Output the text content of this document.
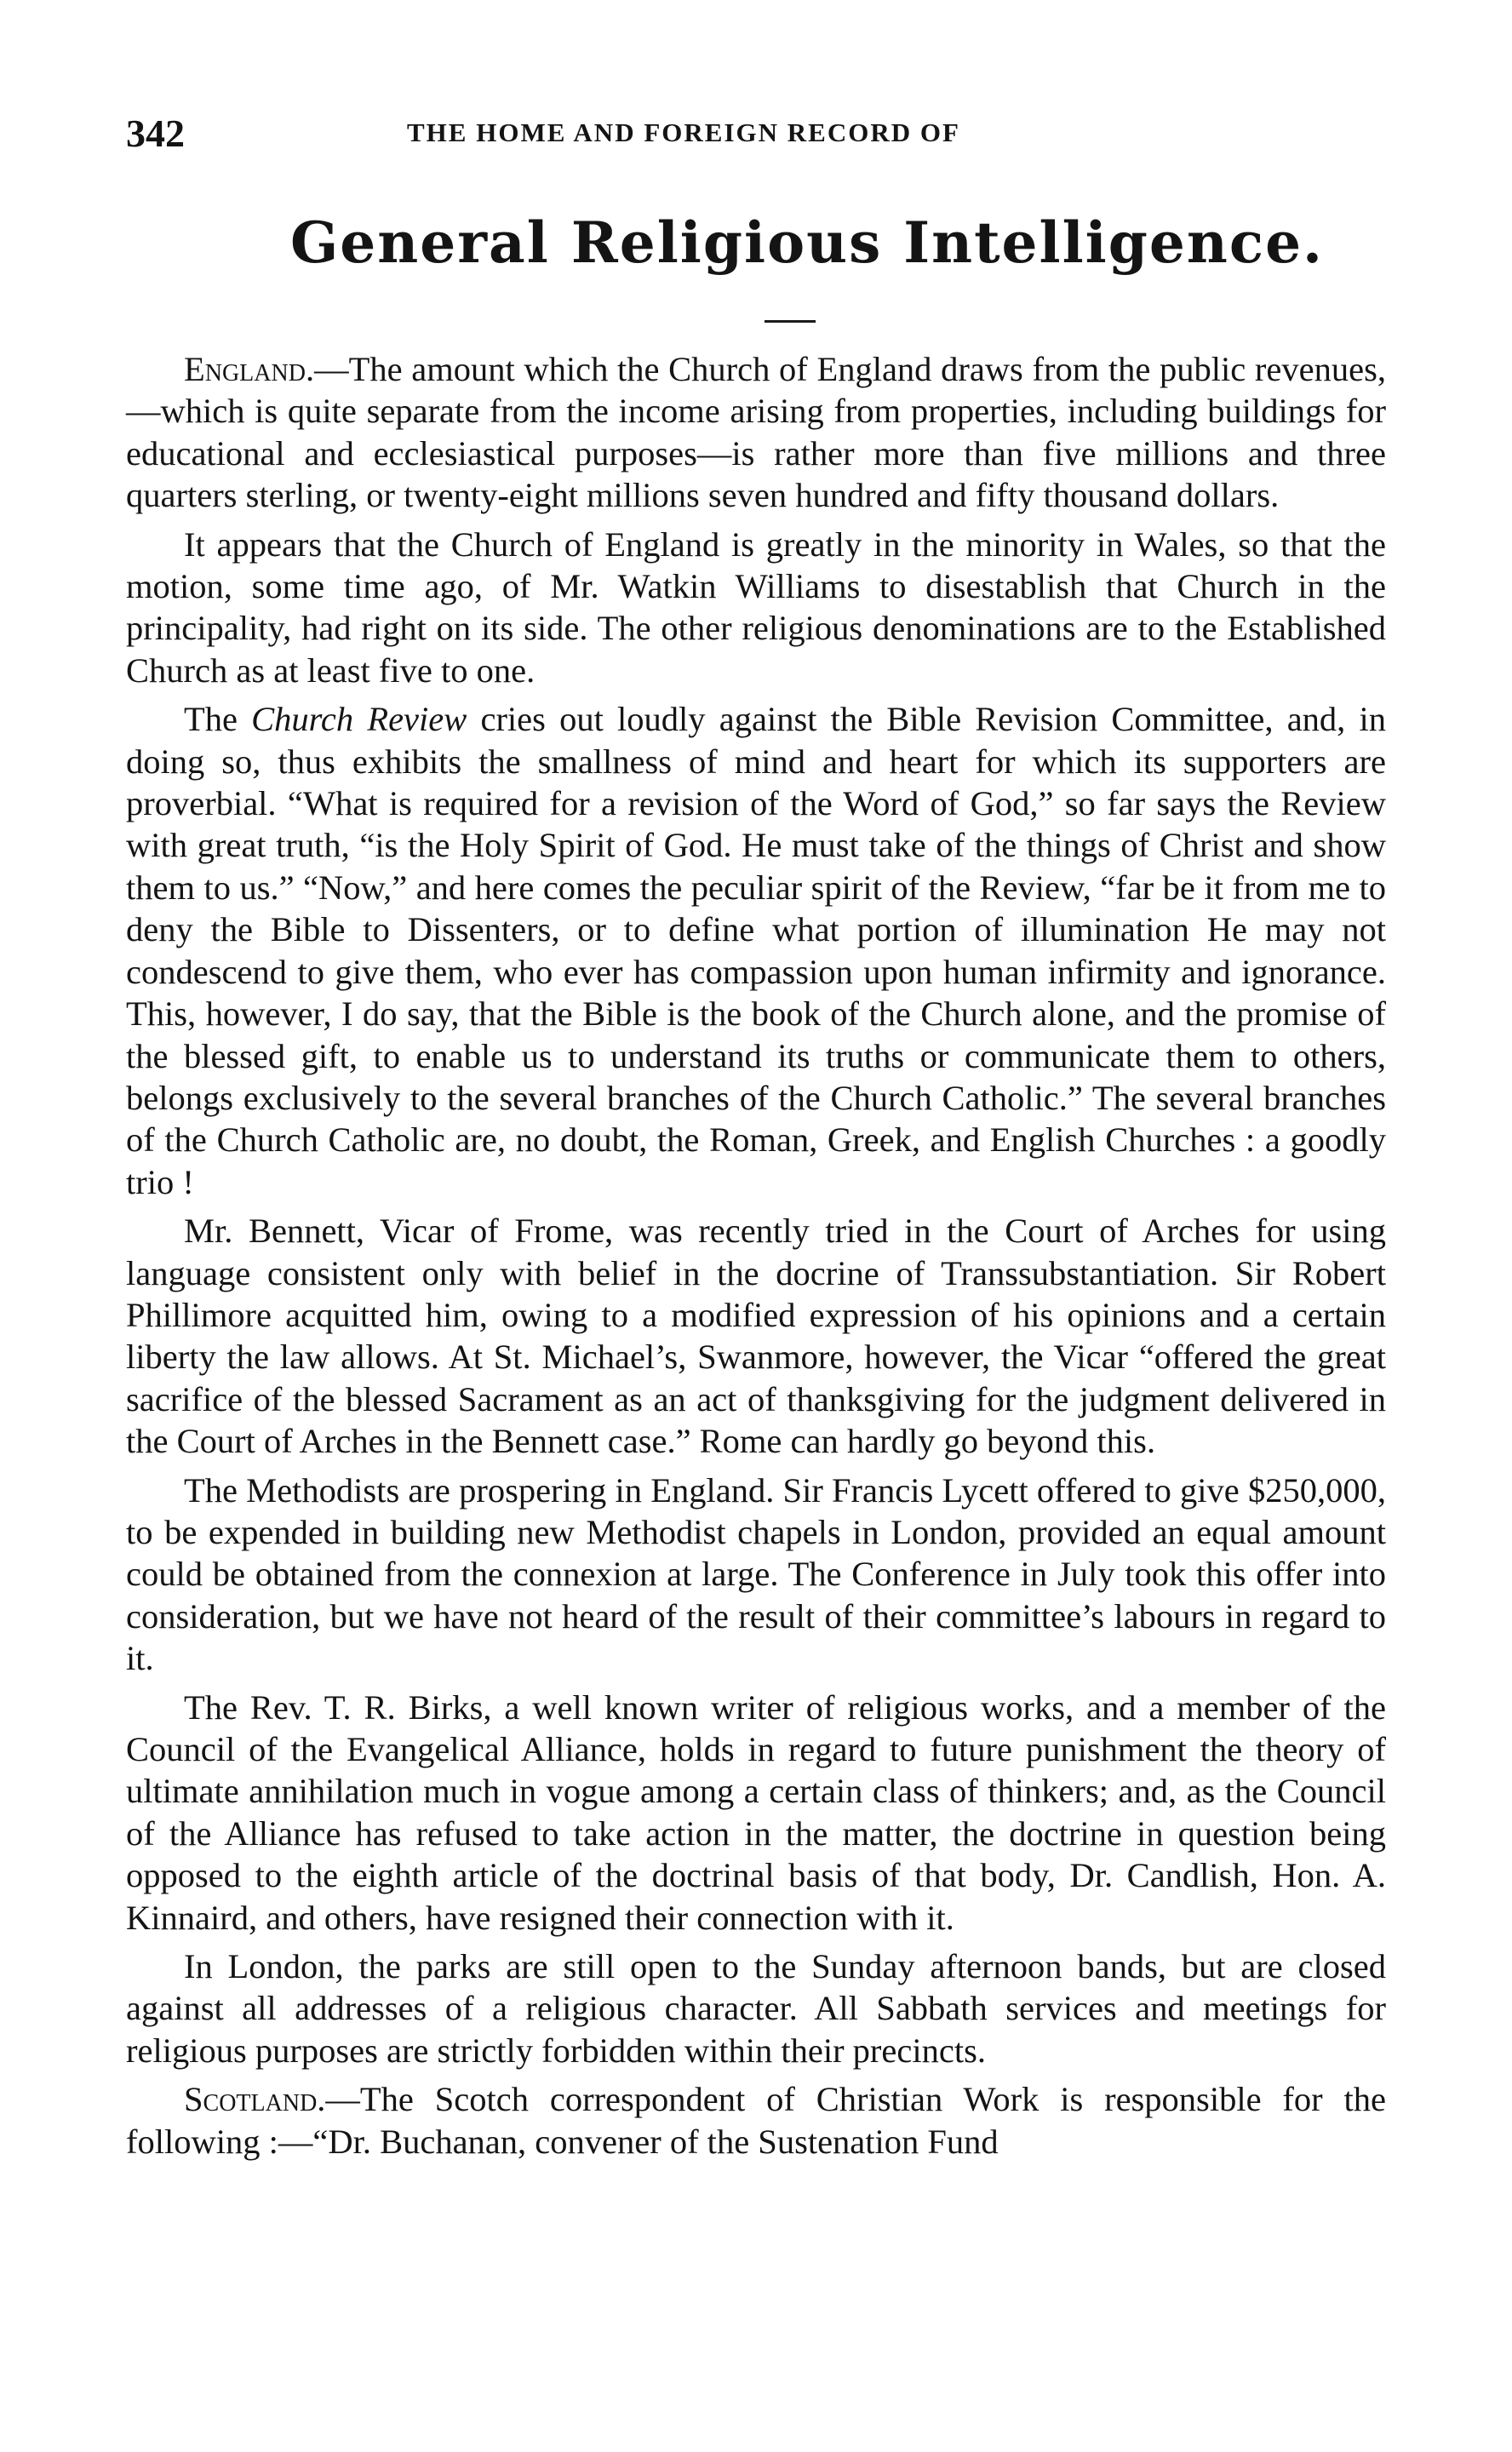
342	THE HOME AND FOREIGN RECORD OF
General Religious Intelligence.

England.—The amount which the Church of England draws from the public revenues,—which is quite separate from the income arising from properties, including buildings for educational and ecclesiastical purposes—is rather more than five millions and three quarters sterling, or twenty-eight millions seven hundred and fifty thousand dollars.

It appears that the Church of England is greatly in the minority in Wales, so that the motion, some time ago, of Mr. Watkin Williams to disestablish that Church in the principality, had right on its side. The other religious denominations are to the Established Church as at least five to one.

The Church Review cries out loudly against the Bible Revision Committee, and, in doing so, thus exhibits the smallness of mind and heart for which its supporters are proverbial. “What is required for a revision of the Word of God,” so far says the Review with great truth, “is the Holy Spirit of God. He must take of the things of Christ and show them to us.” “Now,” and here comes the peculiar spirit of the Review, “far be it from me to deny the Bible to Dissenters, or to define what portion of illumination He may not condescend to give them, who ever has compassion upon human infirmity and ignorance. This, however, I do say, that the Bible is the book of the Church alone, and the promise of the blessed gift, to enable us to understand its truths or communicate them to others, belongs exclusively to the several branches of the Church Catholic.” The several branches of the Church Catholic are, no doubt, the Roman, Greek, and English Churches : a goodly trio !

Mr. Bennett, Vicar of Frome, was recently tried in the Court of Arches for using language consistent only with belief in the docrine of Transsubstantiation. Sir Robert Phillimore acquitted him, owing to a modified expression of his opinions and a certain liberty the law allows. At St. Michael’s, Swanmore, however, the Vicar “offered the great sacrifice of the blessed Sacrament as an act of thanksgiving for the judgment delivered in the Court of Arches in the Bennett case.” Rome can hardly go beyond this.

The Methodists are prospering in England. Sir Francis Lycett offered to give $250,000, to be expended in building new Methodist chapels in London, provided an equal amount could be obtained from the connexion at large. The Conference in July took this offer into consideration, but we have not heard of the result of their committee’s labours in regard to it.

The Rev. T. R. Birks, a well known writer of religious works, and a member of the Council of the Evangelical Alliance, holds in regard to future punishment the theory of ultimate annihilation much in vogue among a certain class of thinkers; and, as the Council of the Alliance has refused to take action in the matter, the doctrine in question being opposed to the eighth article of the doctrinal basis of that body, Dr. Candlish, Hon. A. Kinnaird, and others, have resigned their connection with it.

In London, the parks are still open to the Sunday afternoon bands, but are closed against all addresses of a religious character. All Sabbath services and meetings for religious purposes are strictly forbidden within their precincts.

Scotland.—The Scotch correspondent of Christian Work is responsible for the following :—“Dr. Buchanan, convener of the Sustenation Fund
